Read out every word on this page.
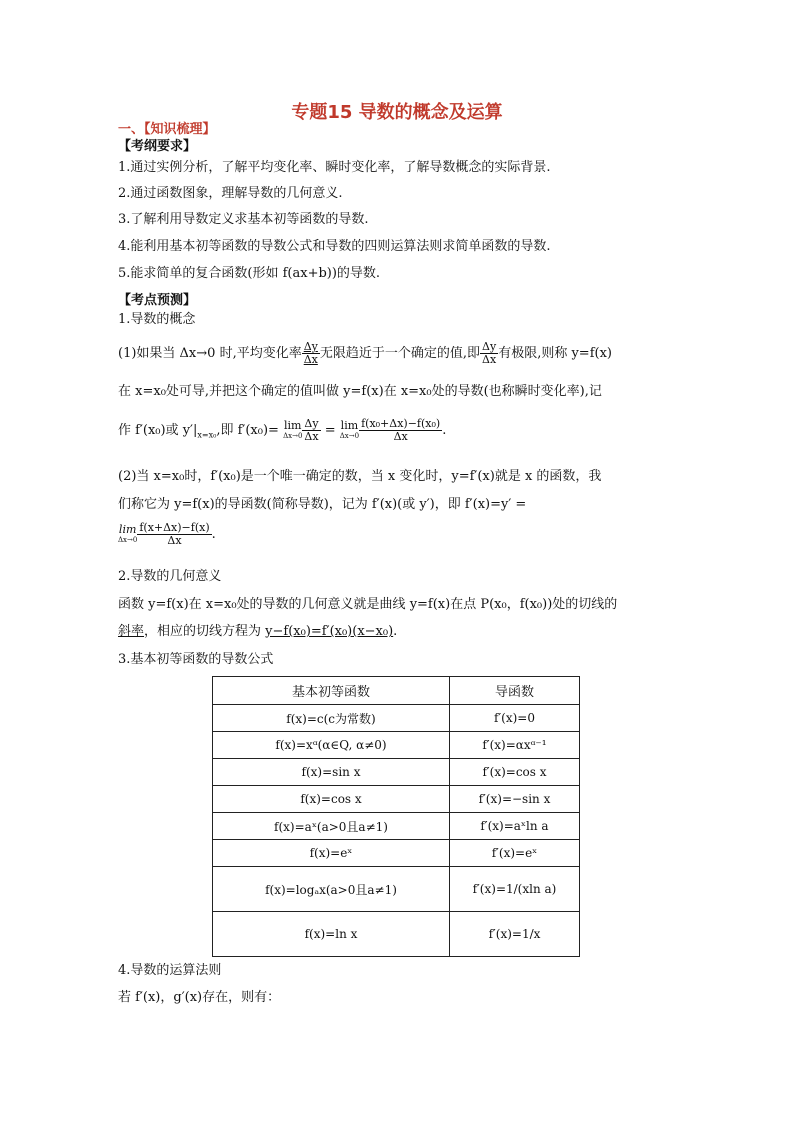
专题15 导数的概念及运算
一、【知识梳理】
【考纲要求】
1.通过实例分析，了解平均变化率、瞬时变化率，了解导数概念的实际背景.
2.通过函数图象，理解导数的几何意义.
3.了解利用导数定义求基本初等函数的导数.
4.能利用基本初等函数的导数公式和导数的四则运算法则求简单函数的导数.
5.能求简单的复合函数(形如 f(ax+b))的导数.
【考点预测】
1.导数的概念
(1)如果当 Δx→0 时,平均变化率 $\frac{\Delta y}{\Delta x}$ 无限趋近于一个确定的值,即 $\frac{\Delta y}{\Delta x}$ 有极限,则称 y=f(x)
在 x=x₀处可导,并把这个确定的值叫做 y=f(x)在 x=x₀处的导数(也称瞬时变化率),记
作 f′(x₀)或 $y'|_{x=x_0}$,即 f′(x₀)= lim
$\Delta x\to 0 \frac{\Delta y}{\Delta x} = \lim$
$\Delta x\to 0 \frac{\text{f(x₀+Δx)−f(x₀)}}{\Delta x}$ .
(2)当 x=x₀时，f′(x₀)是一个唯一确定的数，当 x 变化时，y=f′(x)就是 x 的函数，我
们称它为 y=f(x)的导函数(简称导数)，记为 f′(x)(或 y′)，即 f′(x)=y′ =
lim
$\Delta x\to 0 \frac{f(x+\Delta x)-f(x)}{\Delta x}$ .
2.导数的几何意义
函数 y=f(x)在 x=x₀处的导数的几何意义就是曲线 y=f(x)在点 P(x₀，f(x₀))处的切线的
斜率，相应的切线方程为 y−f(x₀)=f′(x₀)(x−x₀).
3.基本初等函数的导数公式
基本初等函数	导函数
f(x)=c(c为常数)	f′(x)=0
f(x)=xᵅ(α∈Q, α≠0)	f′(x)=αxᵅ⁻¹
f(x)=sin x	f′(x)=cos x
f(x)=cos x	f′(x)=−sin x
f(x)=aˣ(a>0且a≠1)	f′(x)=aˣln a
f(x)=eˣ	f′(x)=eˣ
f(x)=logₐx(a>0且a≠1)	f′(x)=1/(xln a)
f(x)=ln x	f′(x)=1/x
4.导数的运算法则
若 f′(x)，g′(x)存在，则有：
